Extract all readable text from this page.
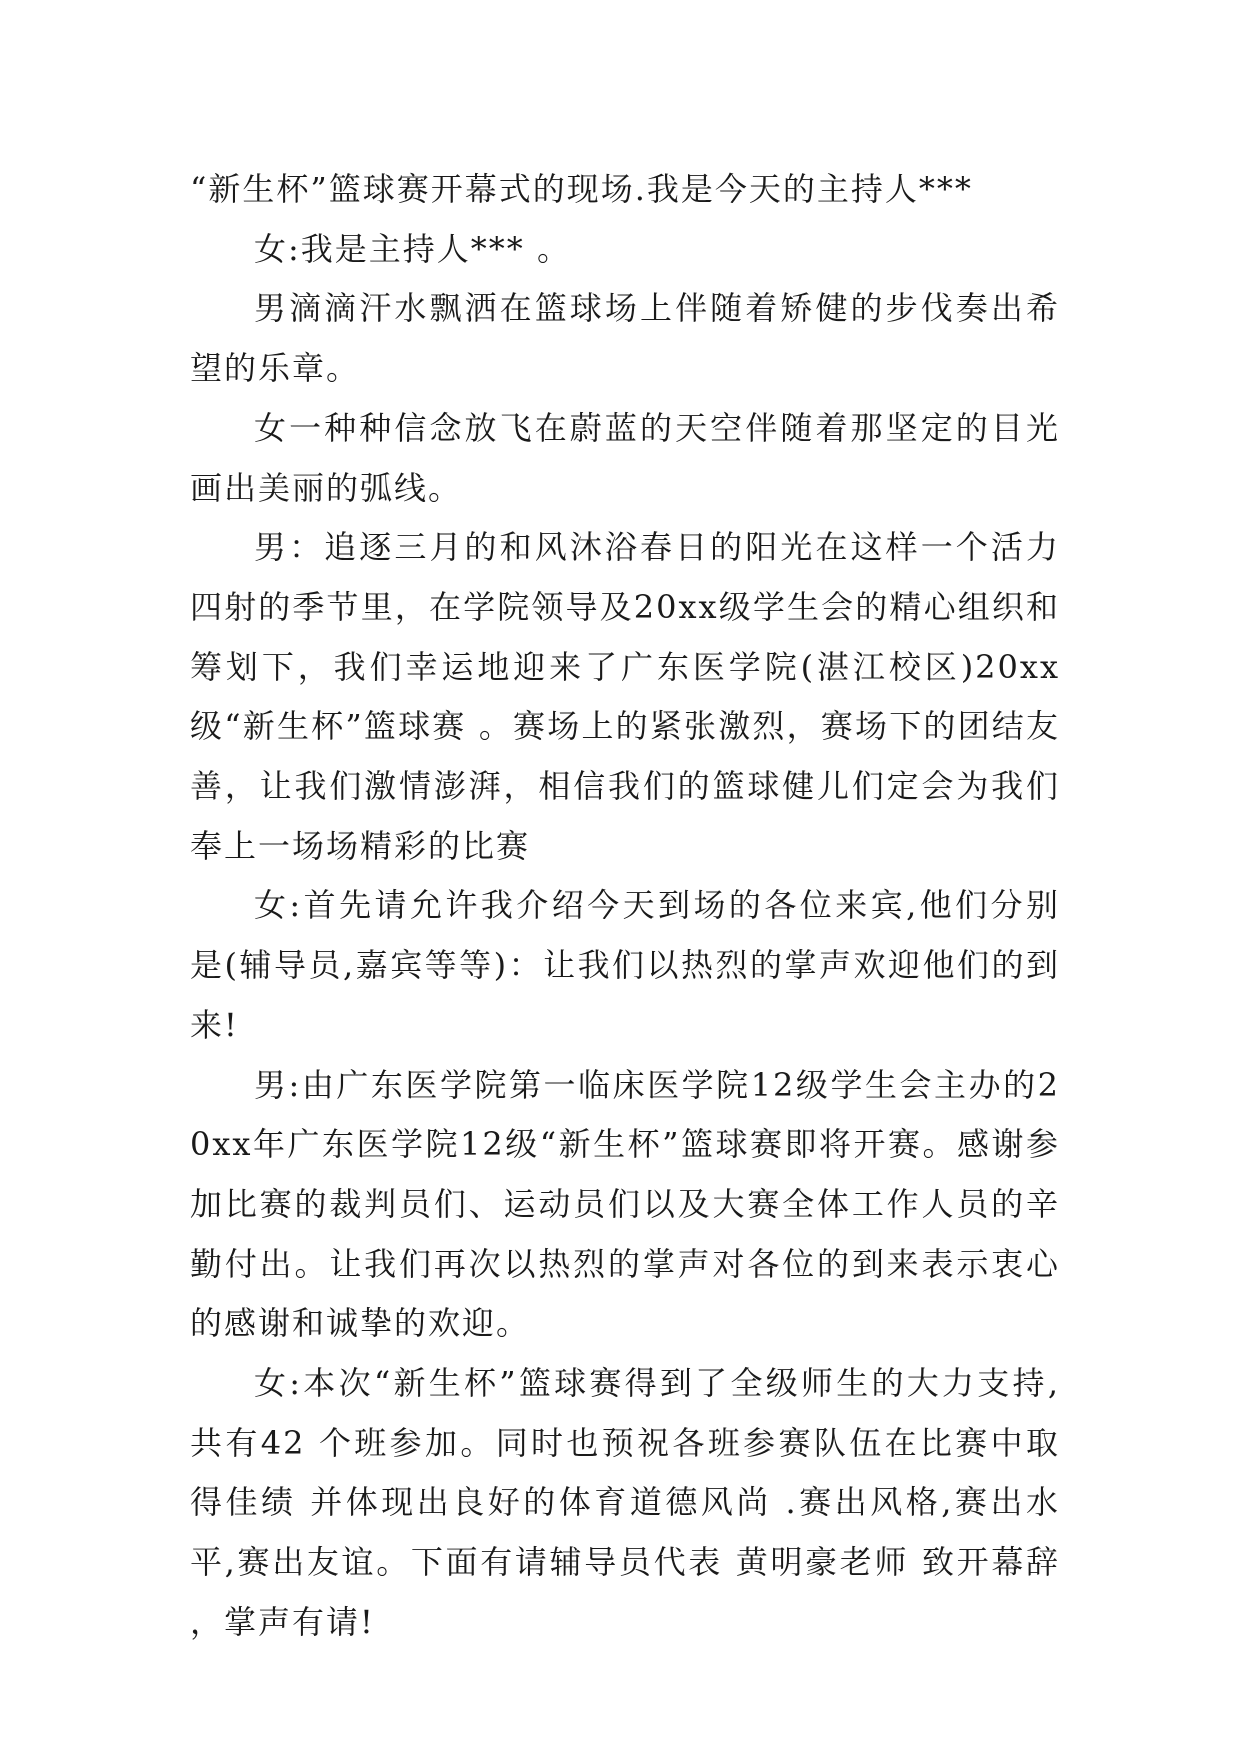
“新生杯”篮球赛开幕式的现场.我是今天的主持人***

女:我是主持人*** 。

男滴滴汗水飘洒在篮球场上伴随着矫健的步伐奏出希望的乐章。

女一种种信念放飞在蔚蓝的天空伴随着那坚定的目光画出美丽的弧线。

男：追逐三月的和风沐浴春日的阳光在这样一个活力四射的季节里，在学院领导及20xx级学生会的精心组织和筹划下，我们幸运地迎来了广东医学院(湛江校区)20xx级“新生杯”篮球赛 。赛场上的紧张激烈，赛场下的团结友善，让我们激情澎湃，相信我们的篮球健儿们定会为我们奉上一场场精彩的比赛

女:首先请允许我介绍今天到场的各位来宾,他们分别是(辅导员,嘉宾等等)：让我们以热烈的掌声欢迎他们的到来!

男:由广东医学院第一临床医学院12级学生会主办的20xx年广东医学院12级“新生杯”篮球赛即将开赛。感谢参加比赛的裁判员们、运动员们以及大赛全体工作人员的辛勤付出。让我们再次以热烈的掌声对各位的到来表示衷心的感谢和诚挚的欢迎。

女:本次“新生杯”篮球赛得到了全级师生的大力支持,共有42 个班参加。同时也预祝各班参赛队伍在比赛中取得佳绩 并体现出良好的体育道德风尚 .赛出风格,赛出水平,赛出友谊。下面有请辅导员代表 黄明豪老师 致开幕辞 ，掌声有请!
